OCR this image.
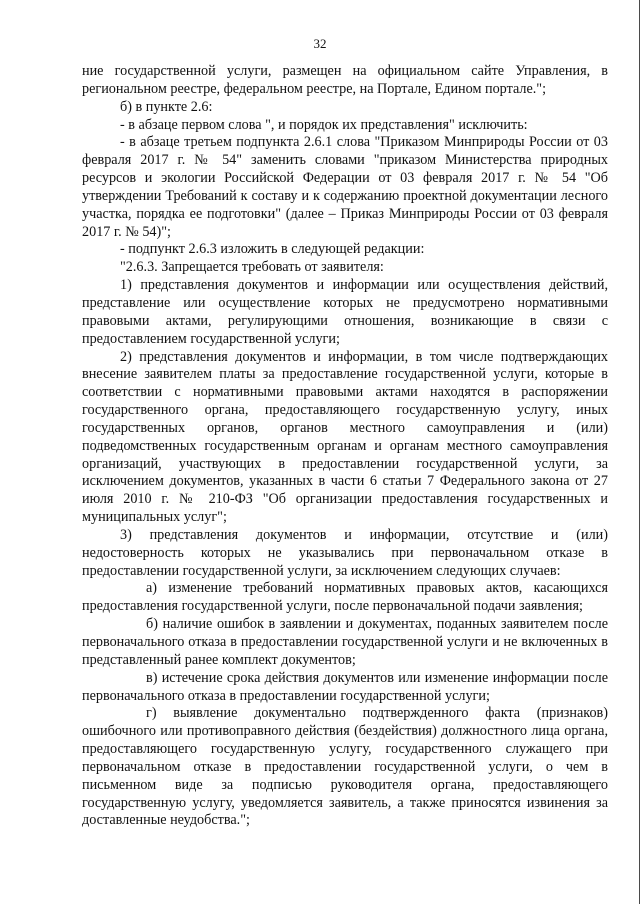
32

ние государственной услуги, размещен на официальном сайте Управления, в региональном реестре, федеральном реестре, на Портале, Едином портале.";

б) в пункте 2.6:

- в абзаце первом слова ", и порядок их представления" исключить:

- в абзаце третьем подпункта 2.6.1 слова "Приказом Минприроды России от 03 февраля 2017 г. № 54" заменить словами "приказом Министерства природных ресурсов и экологии Российской Федерации от 03 февраля 2017 г. № 54 "Об утверждении Требований к составу и к содержанию проектной документации лесного участка, порядка ее подготовки" (далее – Приказ Минприроды России от 03 февраля 2017 г. № 54)";

- подпункт 2.6.3 изложить в следующей редакции:

"2.6.3. Запрещается требовать от заявителя:

1) представления документов и информации или осуществления действий, представление или осуществление которых не предусмотрено нормативными правовыми актами, регулирующими отношения, возникающие в связи с предоставлением государственной услуги;

2) представления документов и информации, в том числе подтверждающих внесение заявителем платы за предоставление государственной услуги, которые в соответствии с нормативными правовыми актами находятся в распоряжении государственного органа, предоставляющего государственную услугу, иных государственных органов, органов местного самоуправления и (или) подведомственных государственным органам и органам местного самоуправления организаций, участвующих в предоставлении государственной услуги, за исключением документов, указанных в части 6 статьи 7 Федерального закона от 27 июля 2010 г. № 210-ФЗ "Об организации предоставления государственных и муниципальных услуг";

3) представления документов и информации, отсутствие и (или) недостоверность которых не указывались при первоначальном отказе в предоставлении государственной услуги, за исключением следующих случаев:

а) изменение требований нормативных правовых актов, касающихся предоставления государственной услуги, после первоначальной подачи заявления;

б) наличие ошибок в заявлении и документах, поданных заявителем после первоначального отказа в предоставлении государственной услуги и не включенных в представленный ранее комплект документов;

в) истечение срока действия документов или изменение информации после первоначального отказа в предоставлении государственной услуги;

г) выявление документально подтвержденного факта (признаков) ошибочного или противоправного действия (бездействия) должностного лица органа, предоставляющего государственную услугу, государственного служащего при первоначальном отказе в предоставлении государственной услуги, о чем в письменном виде за подписью руководителя органа, предоставляющего государственную услугу, уведомляется заявитель, а также приносятся извинения за доставленные неудобства.";
